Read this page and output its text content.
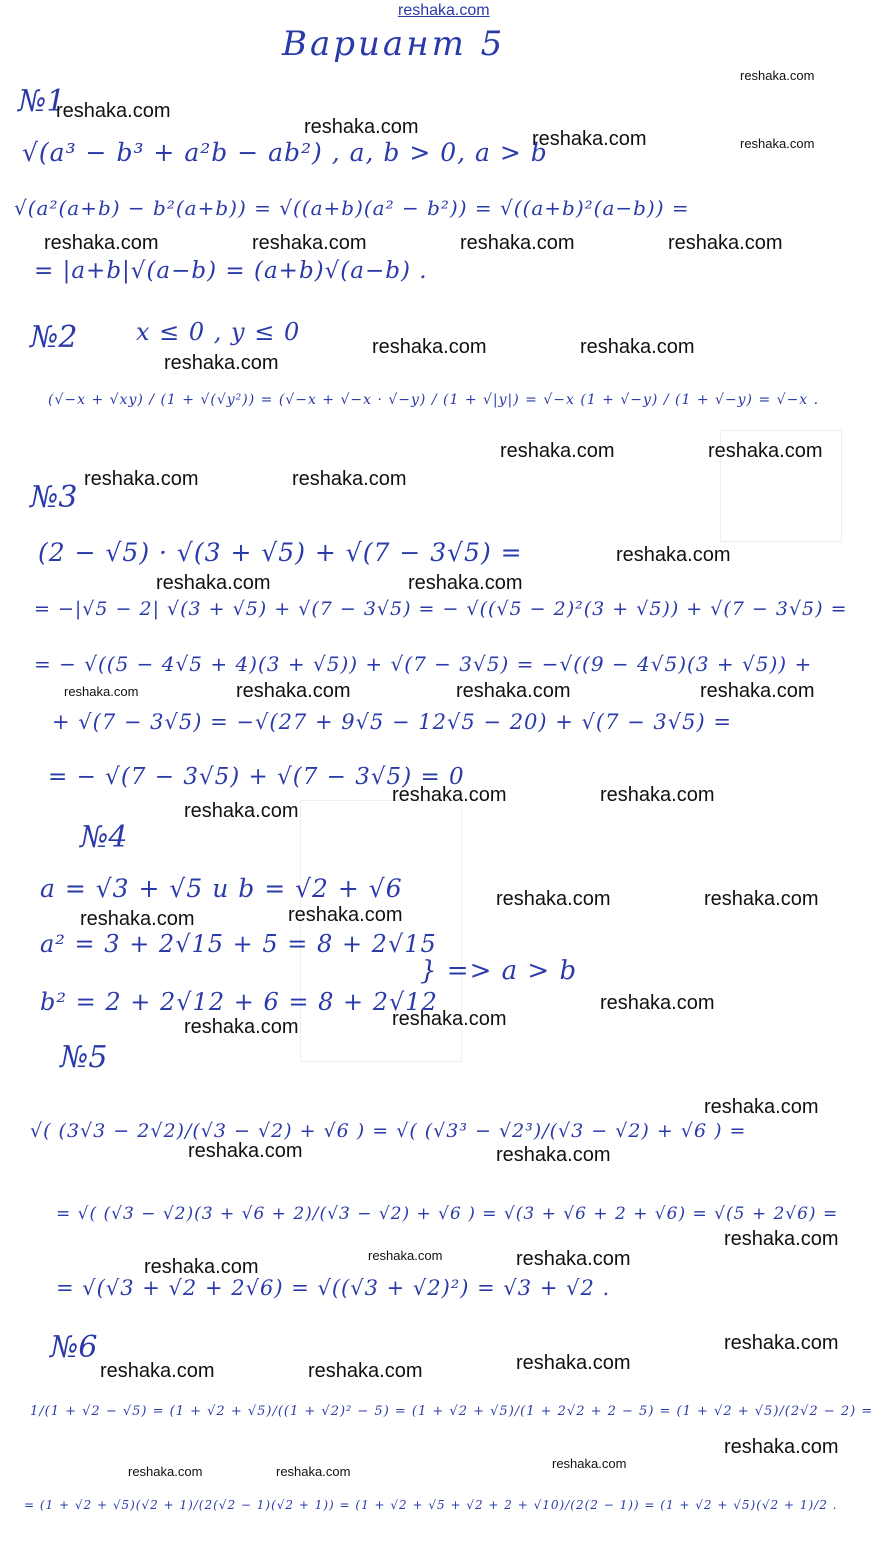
reshaka.com
Вариант 5
№1
√(a³ − b³ + a²b − ab²) , a, b > 0, a > b
√(a²(a+b) − b²(a+b)) = √((a+b)(a² − b²)) = √((a+b)²(a−b)) =
= |a+b|√(a−b) = (a+b)√(a−b) .
№2 x ≤ 0 , y ≤ 0
(√−x + √xy) / (1 + √(√y²)) = (√−x + √−x · √−y) / (1 + √|y|) = √−x (1 + √−y) / (1 + √−y) = √−x .
№3
(2 − √5) · √(3 + √5) + √(7 − 3√5) =
= −|√5 − 2| √(3 + √5) + √(7 − 3√5) = − √((√5 − 2)²(3 + √5)) + √(7 − 3√5) =
= − √((5 − 4√5 + 4)(3 + √5)) + √(7 − 3√5) = −√((9 − 4√5)(3 + √5)) +
+ √(7 − 3√5) = −√(27 + 9√5 − 12√5 − 20) + √(7 − 3√5) =
= − √(7 − 3√5) + √(7 − 3√5) = 0
№4
a = √3 + √5 и b = √2 + √6
a² = 3 + 2√15 + 5 = 8 + 2√15
b² = 2 + 2√12 + 6 = 8 + 2√12
} => a > b
№5
√( (3√3 − 2√2)/(√3 − √2) + √6 ) = √( (√3³ − √2³)/(√3 − √2) + √6 ) =
= √( (√3 − √2)(3 + √6 + 2)/(√3 − √2) + √6 ) = √(3 + √6 + 2 + √6) = √(5 + 2√6) =
= √(√3 + √2 + 2√6) = √((√3 + √2)²) = √3 + √2 .
№6
1/(1 + √2 − √5) = (1 + √2 + √5)/((1 + √2)² − 5) = (1 + √2 + √5)/(1 + 2√2 + 2 − 5) = (1 + √2 + √5)/(2√2 − 2) =
= (1 + √2 + √5)(√2 + 1)/(2(√2 − 1)(√2 + 1)) = (1 + √2 + √5 + √2 + 2 + √10)/(2(2 − 1)) = (1 + √2 + √5)(√2 + 1)/2 .
reshaka.com
reshaka.com
reshaka.com
reshaka.com	reshaka.com
reshaka.com	reshaka.com	reshaka.com	reshaka.com
reshaka.com	reshaka.com
reshaka.com
reshaka.com	reshaka.com
reshaka.com	reshaka.com
reshaka.com
reshaka.com	reshaka.com
reshaka.com	reshaka.com	reshaka.com	reshaka.com
reshaka.com	reshaka.com
reshaka.com
reshaka.com	reshaka.com
reshaka.com
reshaka.com
reshaka.com
reshaka.com
reshaka.com
reshaka.com
reshaka.com	reshaka.com
reshaka.com
reshaka.com	reshaka.com
reshaka.com
reshaka.com
reshaka.com
reshaka.com	reshaka.com
reshaka.com
reshaka.com
reshaka.com	reshaka.com
